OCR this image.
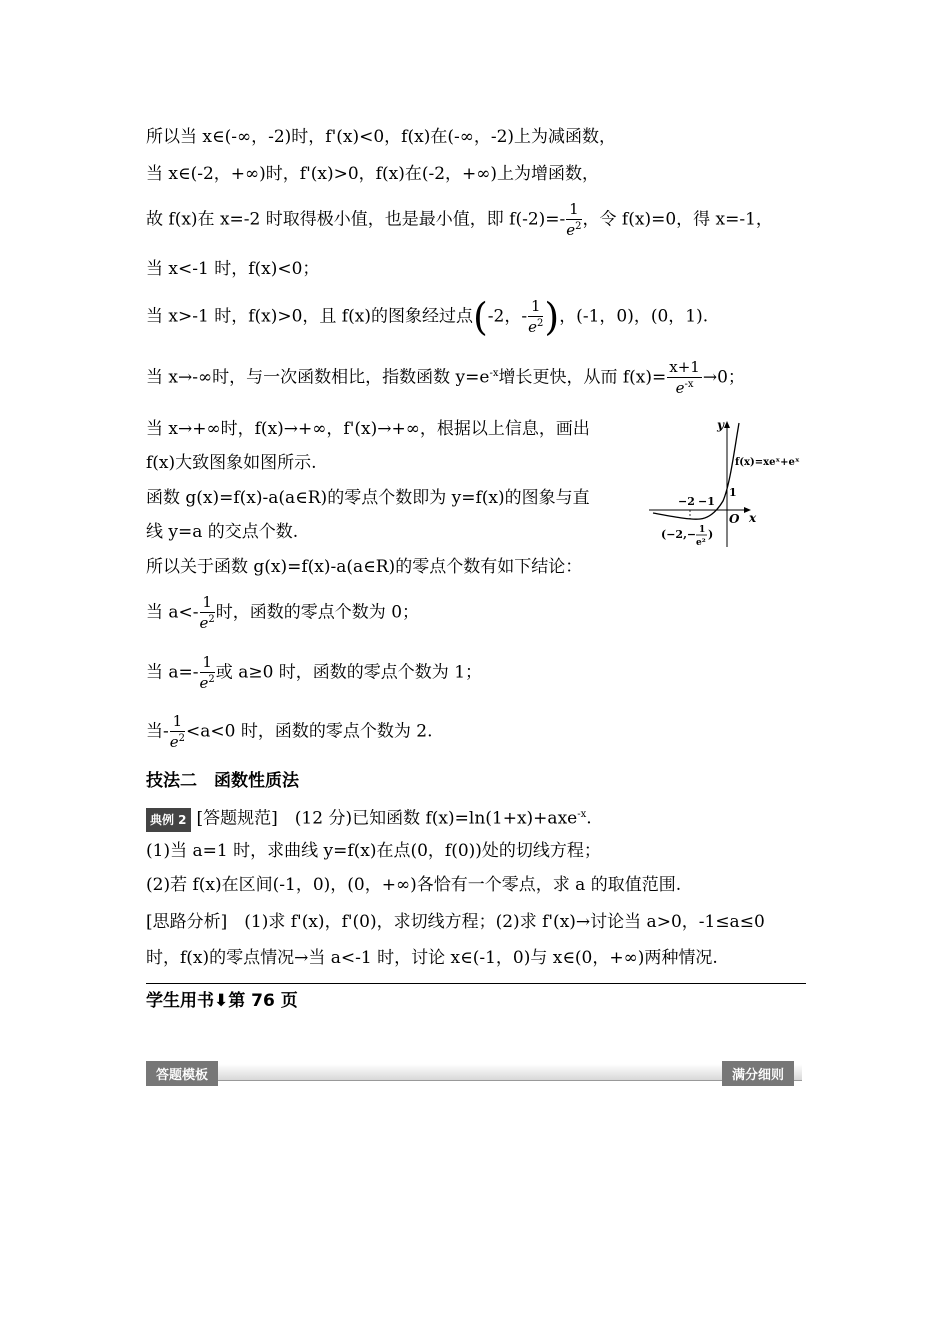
所以当 x∈(-∞，-2)时，f'(x)<0，f(x)在(-∞，-2)上为减函数，
当 x∈(-2，+∞)时，f'(x)>0，f(x)在(-2，+∞)上为增函数，
故 f(x)在 x=-2 时取得极小值，也是最小值，即 $f(-2)=- \frac{1}{e^2}$ ，令 f(x)=0，得 x=-1，
当 x<-1 时，f(x)<0；
当 x>-1 时，f(x)>0，且 f(x)的图象经过点(-2，- $\frac{1}{e^2}$ )，(-1，0)，(0，1).
当 x→-∞时，与一次函数相比，指数函数 $y=e^{-x}$增长更快，从而 $f(x)= \frac{x+1}{e^{-x}} \to 0$；
当 x→+∞时，f(x)→+∞，f'(x)→+∞，根据以上信息，画出
f(x)大致图象如图所示.
函数 g(x)=f(x)-a(a∈R)的零点个数即为 y=f(x)的图象与直
线 y=a 的交点个数.
所以关于函数 g(x)=f(x)-a(a∈R)的零点个数有如下结论：
y
x
O
f(x)=xeˣ+eˣ
−2 −1
1
(−2,− 1
e²
)
当 $a<- \frac{1}{e^2}$ 时，函数的零点个数为 0；
当 $a=- \frac{1}{e^2}$ 或 a≥0 时，函数的零点个数为 1；
当- $\frac{1}{e^2} <a<0$ 时，函数的零点个数为 2.
技法二　函数性质法
典例 2 [答题规范]　(12 分)已知函数 f(x)=ln(1+x)+axe$^{-x}$.
(1)当 a=1 时，求曲线 y=f(x)在点(0，f(0))处的切线方程；
(2)若 f(x)在区间(-1，0)，(0，+∞)各恰有一个零点，求 a 的取值范围.
[思路分析]　(1)求 f'(x)，f'(0)，求切线方程；(2)求 f'(x)→讨论当 a>0，-1≤a≤0
时，f(x)的零点情况→当 a<-1 时，讨论 x∈(-1，0)与 x∈(0，+∞)两种情况.
学生用书⬇第 76 页
答题模板	满分细则
